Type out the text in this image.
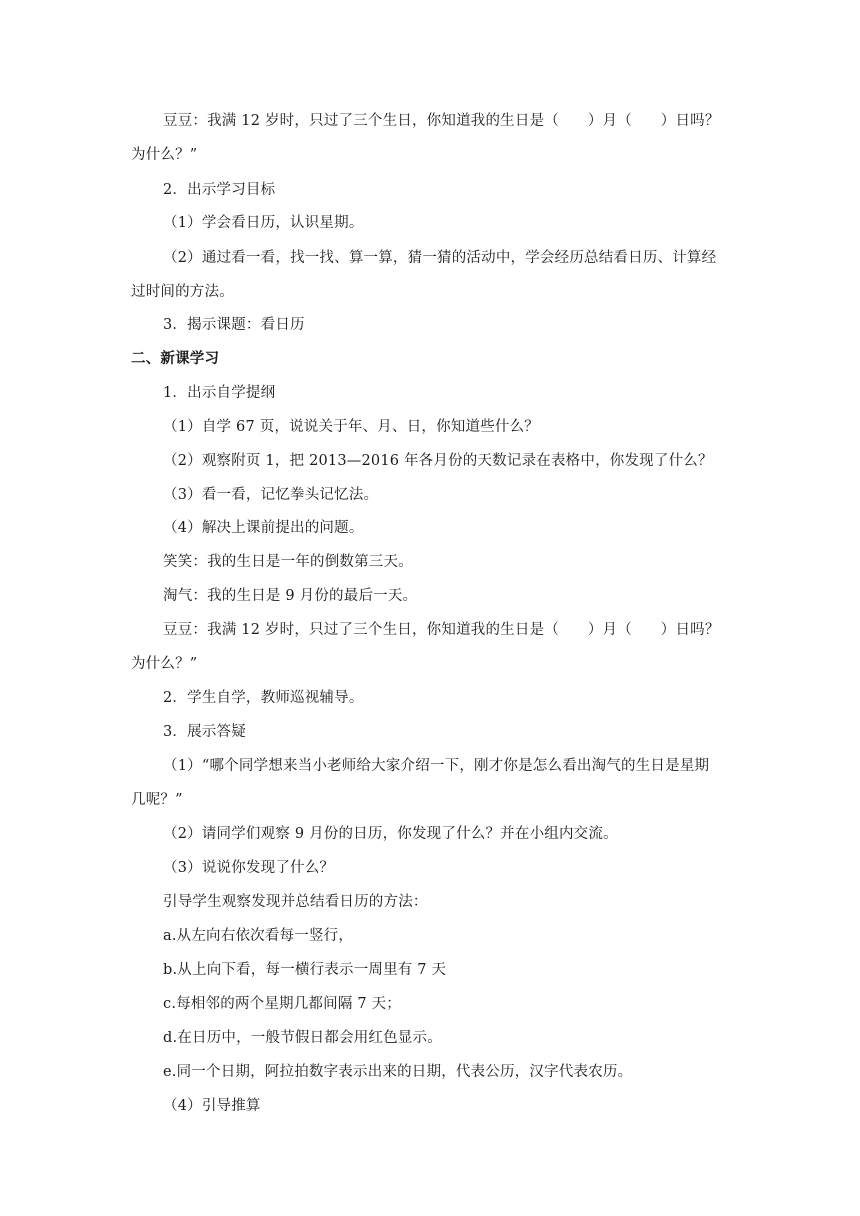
豆豆：我满 12 岁时，只过了三个生日，你知道我的生日是（      ）月（      ）日吗？
为什么？”
2．出示学习目标
（1）学会看日历，认识星期。
（2）通过看一看，找一找、算一算，猜一猜的活动中，学会经历总结看日历、计算经
过时间的方法。
3．揭示课题：看日历
二、新课学习
1．出示自学提纲
（1）自学 67 页，说说关于年、月、日，你知道些什么？
（2）观察附页 1，把 2013—2016 年各月份的天数记录在表格中，你发现了什么？
（3）看一看，记忆拳头记忆法。
（4）解决上课前提出的问题。
笑笑：我的生日是一年的倒数第三天。
淘气：我的生日是 9 月份的最后一天。
豆豆：我满 12 岁时，只过了三个生日，你知道我的生日是（      ）月（      ）日吗？
为什么？”
2．学生自学，教师巡视辅导。
3．展示答疑
（1）“哪个同学想来当小老师给大家介绍一下，刚才你是怎么看出淘气的生日是星期
几呢？”
（2）请同学们观察 9 月份的日历，你发现了什么？并在小组内交流。
（3）说说你发现了什么？
引导学生观察发现并总结看日历的方法：
a.从左向右依次看每一竖行，
b.从上向下看，每一横行表示一周里有 7 天
c.每相邻的两个星期几都间隔 7 天；
d.在日历中，一般节假日都会用红色显示。
e.同一个日期，阿拉拍数字表示出来的日期，代表公历，汉字代表农历。
（4）引导推算
